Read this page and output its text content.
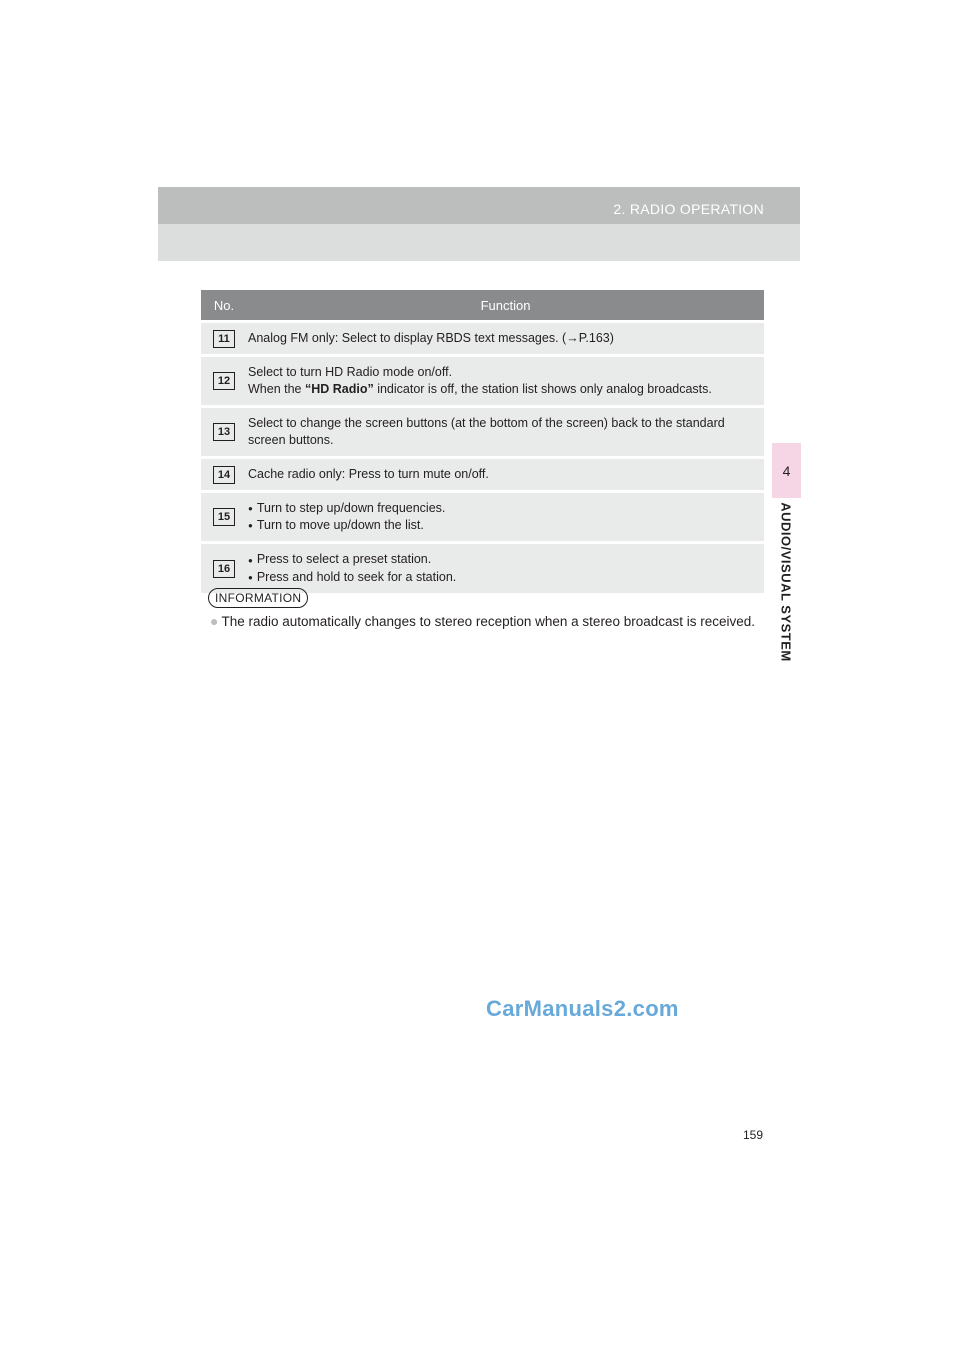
2. RADIO OPERATION
4
AUDIO/VISUAL SYSTEM
No.	Function
11	Analog FM only: Select to display RBDS text messages. (→P.163)
12	Select to turn HD Radio mode on/off.
When the “HD Radio” indicator is off, the station list shows only analog broadcasts.
13	Select to change the screen buttons (at the bottom of the screen) back to the standard screen buttons.
14	Cache radio only: Press to turn mute on/off.
15	● Turn to step up/down frequencies.
● Turn to move up/down the list.

16	● Press to select a preset station.
● Press and hold to seek for a station.
INFORMATION
● The radio automatically changes to stereo reception when a stereo broadcast is received.
CarManuals2.com
159
